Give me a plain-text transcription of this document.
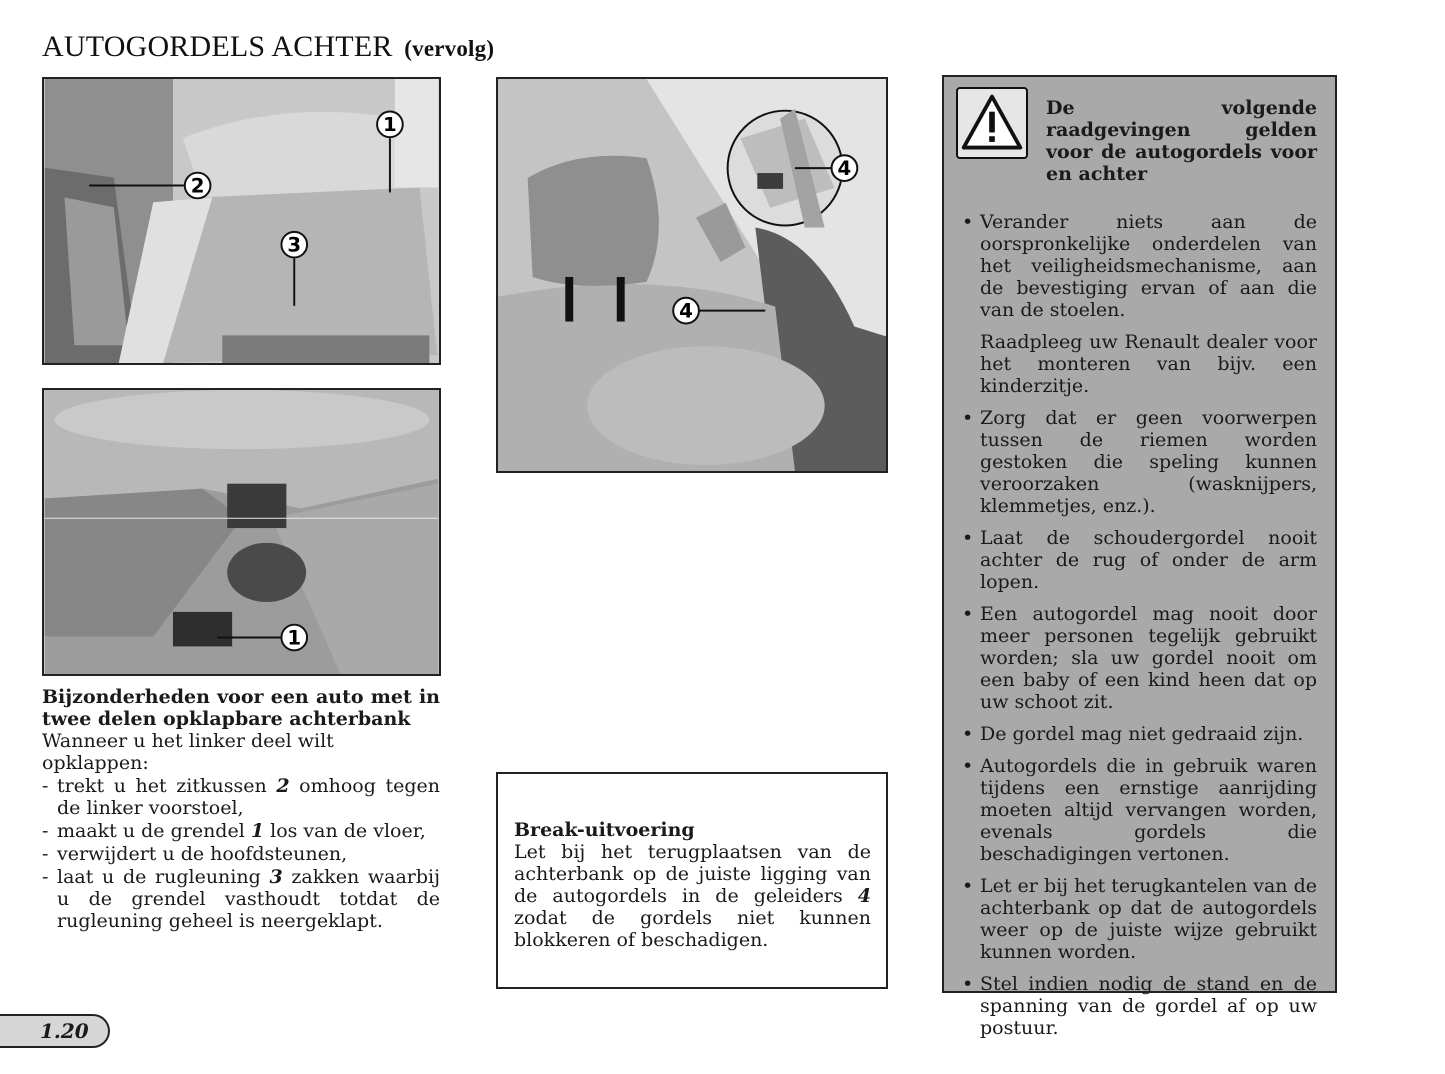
AUTOGORDELS ACHTER (vervolg)
1
2
3
1
4
4

Bijzonderheden voor een auto met in twee delen opklapbare achterbank

Wanneer u het linker deel wilt opklappen:

- trekt u het zitkussen 2 omhoog tegen de linker voorstoel,
- maakt u de grendel 1 los van de vloer,
- verwijdert u de hoofdsteunen,
- laat u de rugleuning 3 zakken waarbij u de grendel vasthoudt totdat de rugleuning geheel is neergeklapt.
Break-uitvoering
Let bij het terugplaatsen van de achterbank op de juiste ligging van de autogordels in de geleiders 4 zodat de gordels niet kunnen blokkeren of beschadigen.
De volgende raadgevingen gelden voor de autogordels voor en achter
• Verander niets aan de oorspronkelijke onderdelen van het veiligheidsmechanisme, aan de bevestiging ervan of aan die van de stoelen.
Raadpleeg uw Renault dealer voor het monteren van bijv. een kinderzitje.
• Zorg dat er geen voorwerpen tussen de riemen worden gestoken die speling kunnen veroorzaken (wasknijpers, klemmetjes, enz.).
• Laat de schoudergordel nooit achter de rug of onder de arm lopen.
• Een autogordel mag nooit door meer personen tegelijk gebruikt worden; sla uw gordel nooit om een baby of een kind heen dat op uw schoot zit.
• De gordel mag niet gedraaid zijn.
• Autogordels die in gebruik waren tijdens een ernstige aanrijding moeten altijd vervangen worden, evenals gordels die beschadigingen vertonen.
• Let er bij het terugkantelen van de achterbank op dat de autogordels weer op de juiste wijze gebruikt kunnen worden.
• Stel indien nodig de stand en de spanning van de gordel af op uw postuur.
1.20
